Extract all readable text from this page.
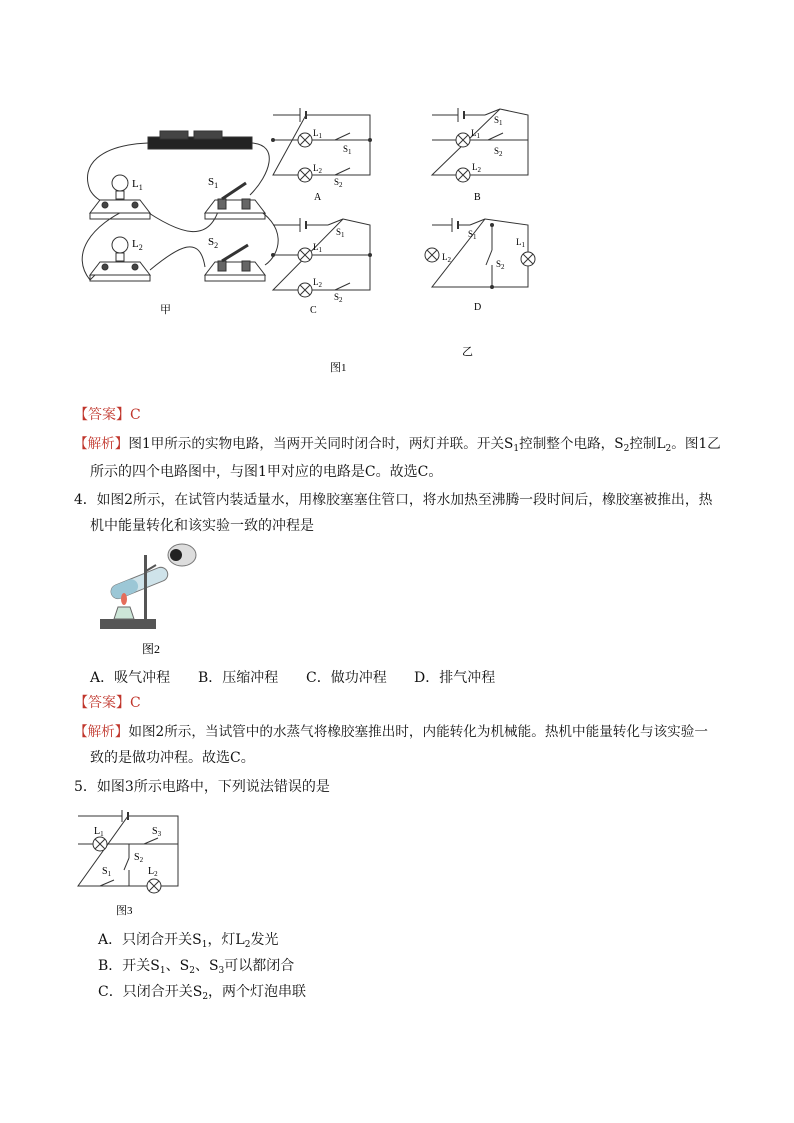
$L_1$	$S_1$
$L_2$	$S_2$
甲
$L_1$
$S_1$
$L_2$
$S_2$
A
$S_1$
$L_1$
$S_2$
$L_2$
B
$S_1$
$L_1$
$L_2$
$S_2$
C
$S_1$	$L_1$
$L_2$	$S_2$
D
乙
图1
【答案】C
【解析】图1甲所示的实物电路，当两开关同时闭合时，两灯并联。开关$S_1$控制整个电路，$S_2$控制$L_2$。图1乙
所示的四个电路图中，与图1甲对应的电路是C。故选C。
4．如图2所示，在试管内装适量水，用橡胶塞塞住管口，将水加热至沸腾一段时间后，橡胶塞被推出，热
机中能量转化和该实验一致的冲程是
图2
A．吸气冲程 B．压缩冲程 C．做功冲程 D．排气冲程
【答案】C
【解析】如图2所示，当试管中的水蒸气将橡胶塞推出时，内能转化为机械能。热机中能量转化与该实验一
致的是做功冲程。故选C。
5．如图3所示电路中，下列说法错误的是
$L_1$	$S_3$
$S_2$
$S_1$	$L_2$
图3
A．只闭合开关$S_1$，灯$L_2$发光
B．开关$S_1$、$S_2$、$S_3$可以都闭合
C．只闭合开关$S_2$，两个灯泡串联
